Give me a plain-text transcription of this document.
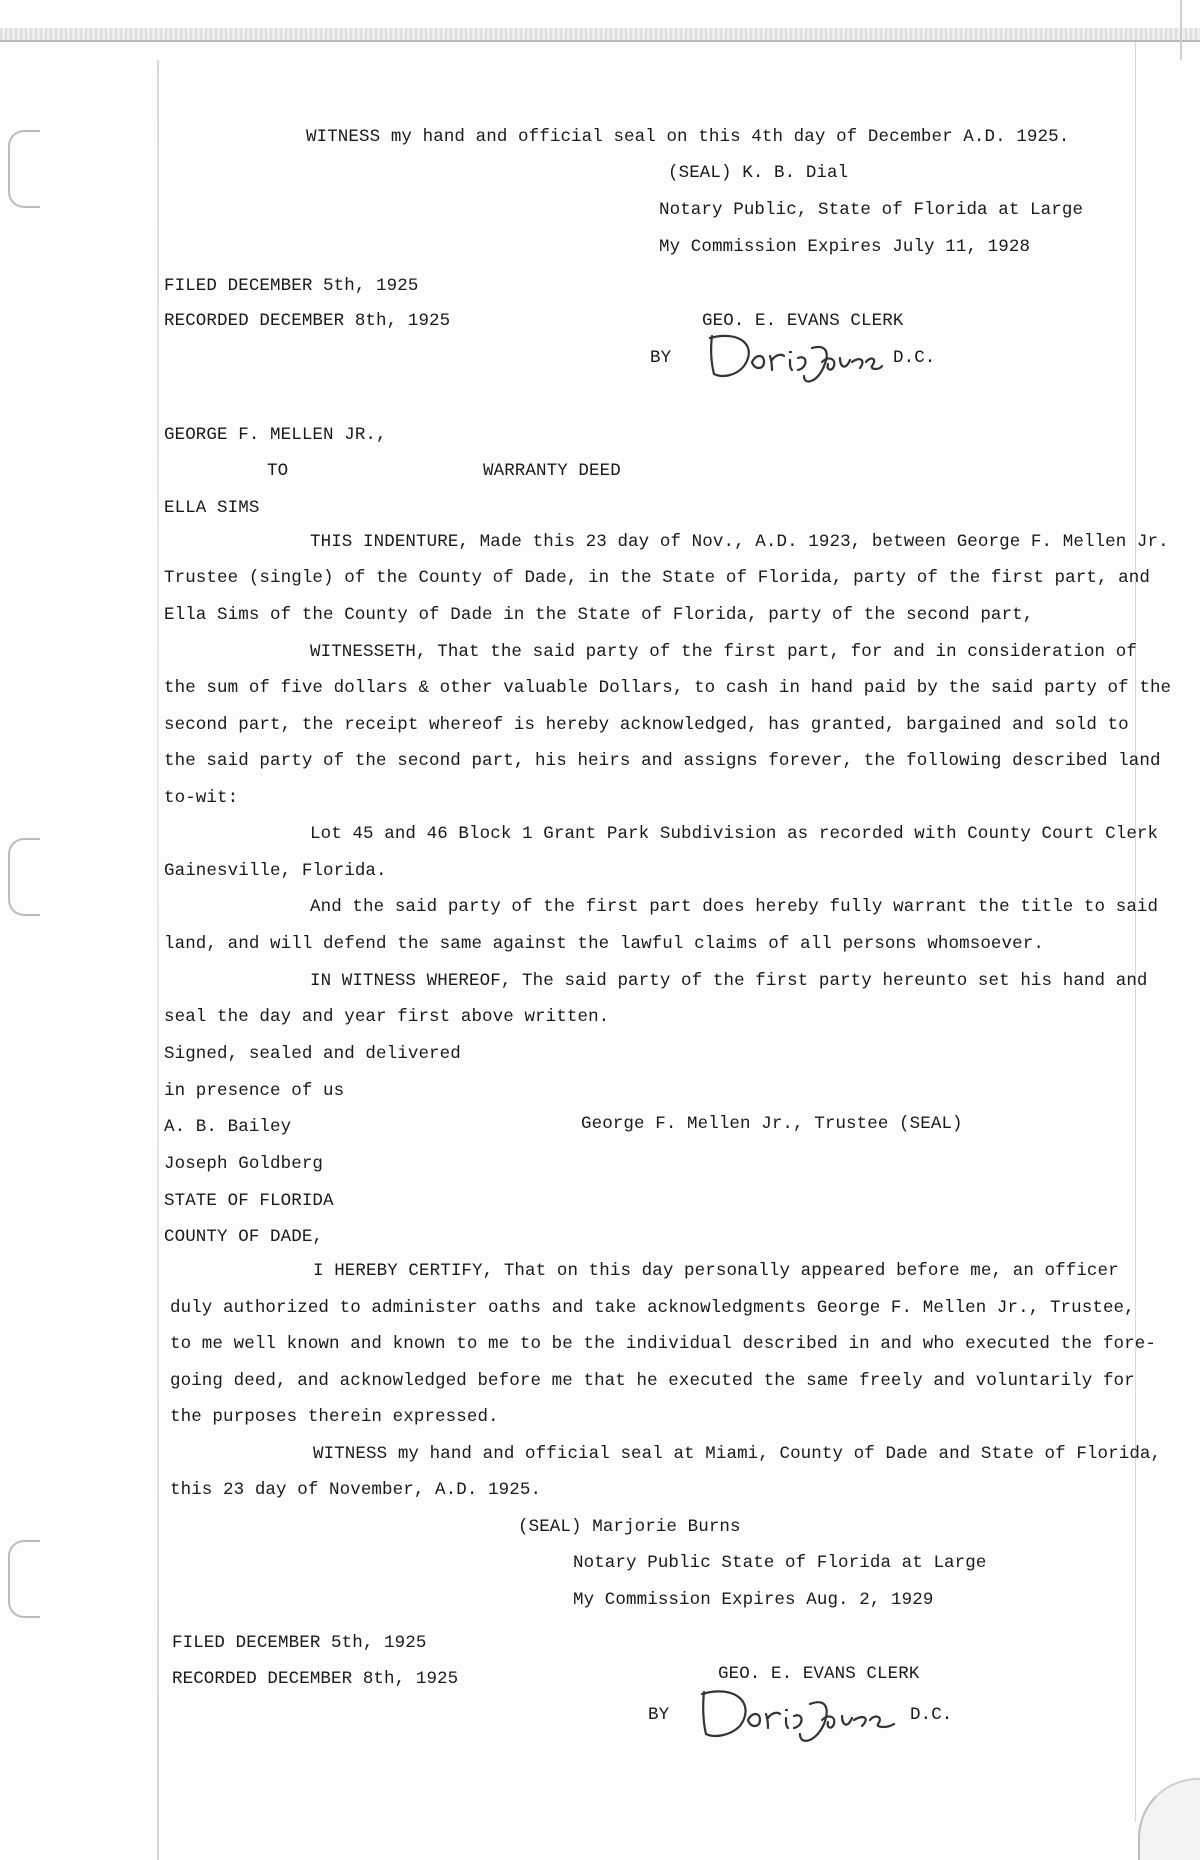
WITNESS my hand and official seal on this 4th day of December A.D. 1925.
(SEAL) K. B. Dial
Notary Public, State of Florida at Large
My Commission Expires July 11, 1928
FILED DECEMBER 5th, 1925
RECORDED DECEMBER 8th, 1925	GEO. E. EVANS CLERK
BY	D.C.
GEORGE F. MELLEN JR.,
TO	WARRANTY DEED
ELLA SIMS
THIS INDENTURE, Made this 23 day of Nov., A.D. 1923, between George F. Mellen Jr.
Trustee (single) of the County of Dade, in the State of Florida, party of the first part, and
Ella Sims of the County of Dade in the State of Florida, party of the second part,
WITNESSETH, That the said party of the first part, for and in consideration of
the sum of five dollars & other valuable Dollars, to cash in hand paid by the said party of the
second part, the receipt whereof is hereby acknowledged, has granted, bargained and sold to
the said party of the second part, his heirs and assigns forever, the following described land
to-wit:
Lot 45 and 46 Block 1 Grant Park Subdivision as recorded with County Court Clerk
Gainesville, Florida.
And the said party of the first part does hereby fully warrant the title to said
land, and will defend the same against the lawful claims of all persons whomsoever.
IN WITNESS WHEREOF, The said party of the first party hereunto set his hand and
seal the day and year first above written.
Signed, sealed and delivered
in presence of us
A. B. Bailey	George F. Mellen Jr., Trustee (SEAL)
Joseph Goldberg
STATE OF FLORIDA
COUNTY OF DADE,
I HEREBY CERTIFY, That on this day personally appeared before me, an officer
duly authorized to administer oaths and take acknowledgments George F. Mellen Jr., Trustee,
to me well known and known to me to be the individual described in and who executed the fore-
going deed, and acknowledged before me that he executed the same freely and voluntarily for
the purposes therein expressed.
WITNESS my hand and official seal at Miami, County of Dade and State of Florida,
this 23 day of November, A.D. 1925.
(SEAL) Marjorie Burns
Notary Public State of Florida at Large
My Commission Expires Aug. 2, 1929
FILED DECEMBER 5th, 1925
RECORDED DECEMBER 8th, 1925	GEO. E. EVANS CLERK
BY	D.C.
